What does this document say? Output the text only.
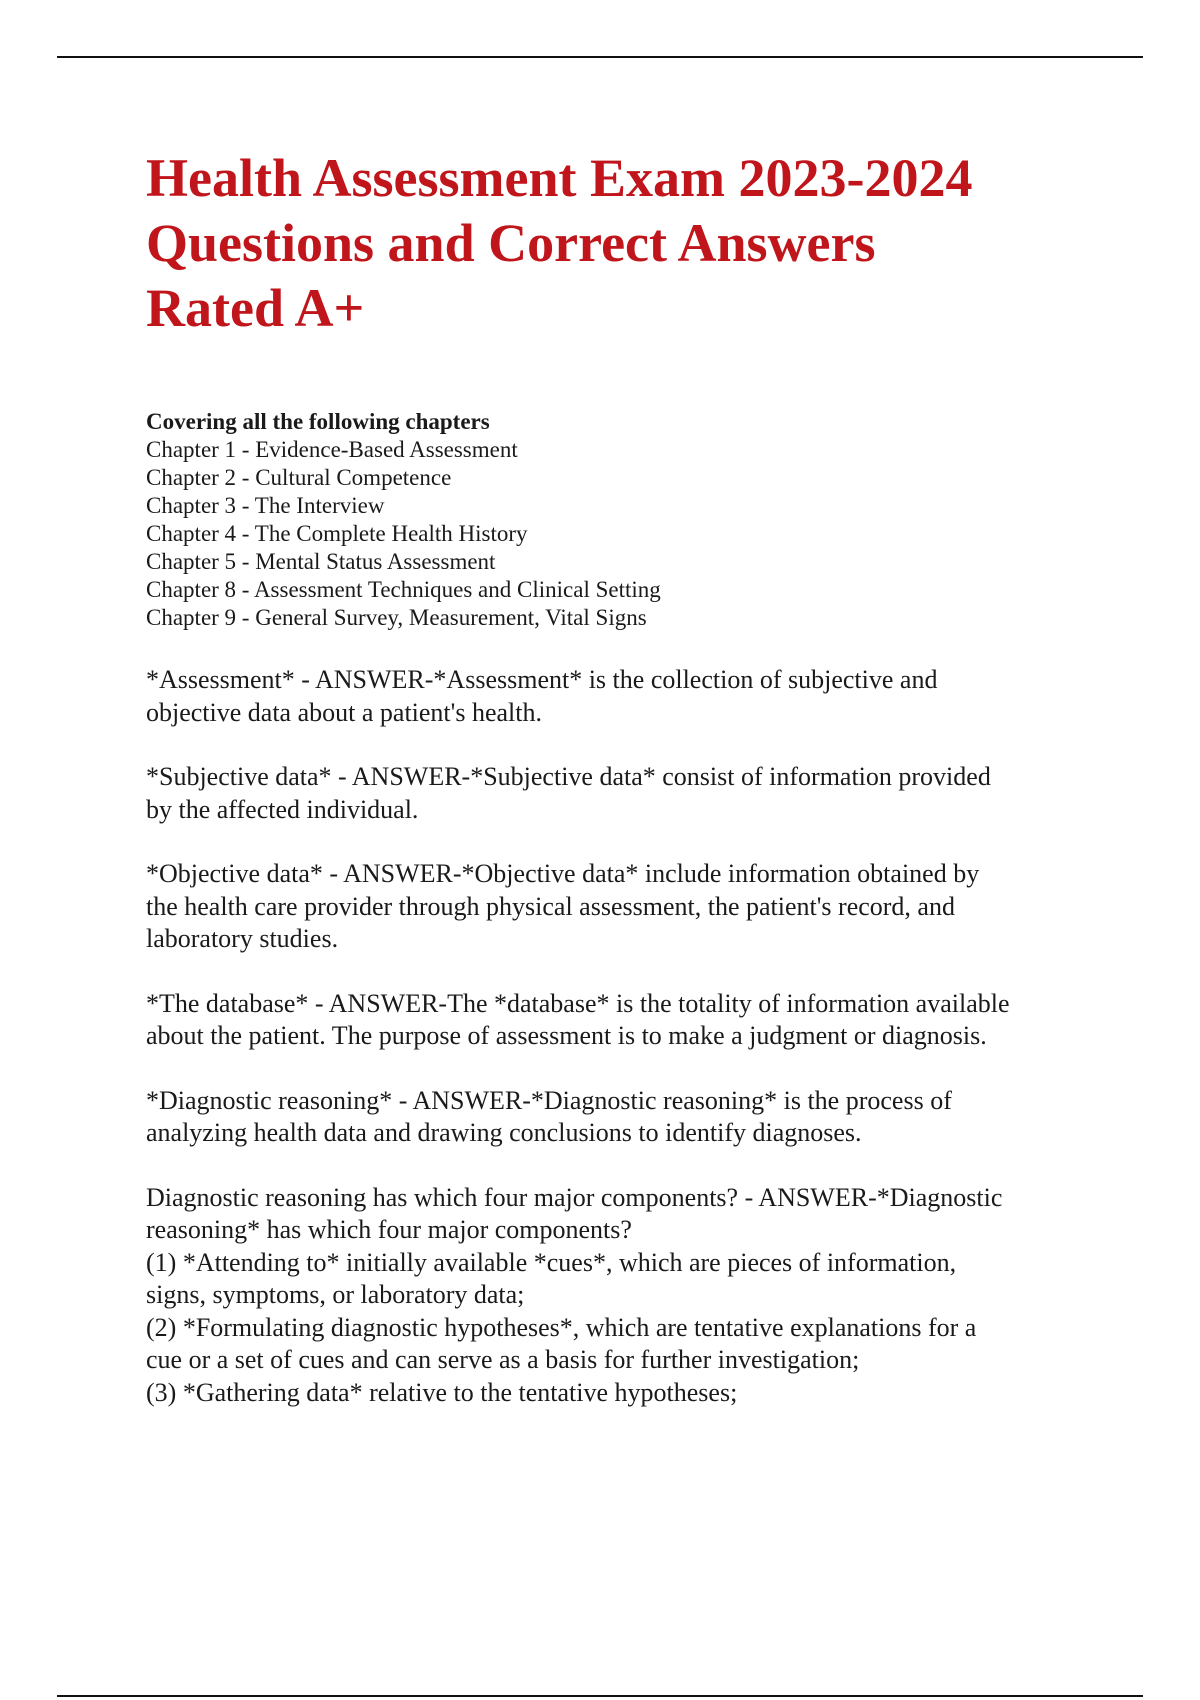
Health Assessment Exam 2023-2024
Questions and Correct Answers
Rated A+
Covering all the following chapters
Chapter 1 - Evidence-Based Assessment
Chapter 2 - Cultural Competence
Chapter 3 - The Interview
Chapter 4 - The Complete Health History
Chapter 5 - Mental Status Assessment
Chapter 8 - Assessment Techniques and Clinical Setting
Chapter 9 - General Survey, Measurement, Vital Signs

*Assessment* - ANSWER-*Assessment* is the collection of subjective and
objective data about a patient's health.

*Subjective data* - ANSWER-*Subjective data* consist of information provided
by the affected individual.

*Objective data* - ANSWER-*Objective data* include information obtained by
the health care provider through physical assessment, the patient's record, and
laboratory studies.

*The database* - ANSWER-The *database* is the totality of information available
about the patient. The purpose of assessment is to make a judgment or diagnosis.

*Diagnostic reasoning* - ANSWER-*Diagnostic reasoning* is the process of
analyzing health data and drawing conclusions to identify diagnoses.

Diagnostic reasoning has which four major components? - ANSWER-*Diagnostic
reasoning* has which four major components?
(1) *Attending to* initially available *cues*, which are pieces of information,
signs, symptoms, or laboratory data;
(2) *Formulating diagnostic hypotheses*, which are tentative explanations for a
cue or a set of cues and can serve as a basis for further investigation;
(3) *Gathering data* relative to the tentative hypotheses;
